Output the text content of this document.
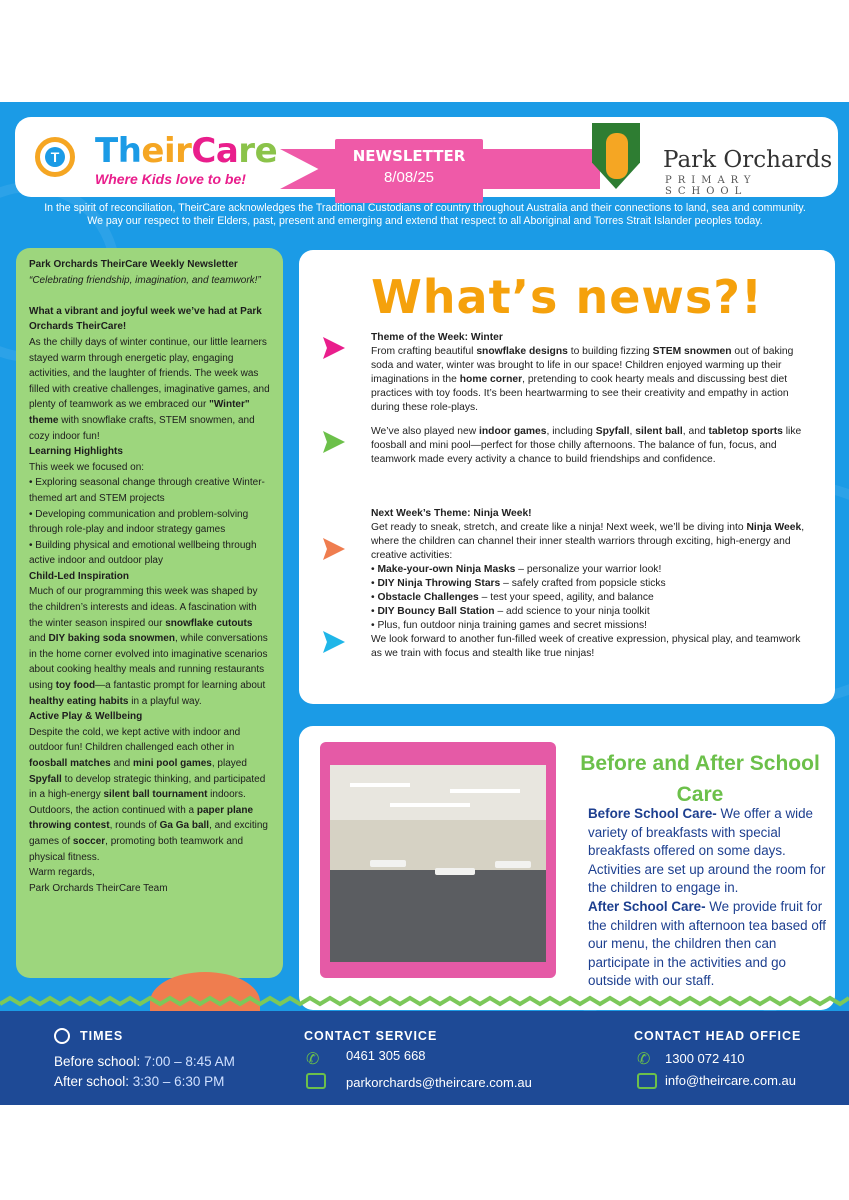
T TheirCare
Where Kids love to be!
NEWSLETTER
8/08/25
Park Orchards
PRIMARY SCHOOL
In the spirit of reconciliation, TheirCare acknowledges the Traditional Custodians of country throughout Australia and their connections to land, sea and community. We pay our respect to their Elders, past, present and emerging and extend that respect to all Aboriginal and Torres Strait Islander peoples today.

Park Orchards TheirCare Weekly Newsletter

“Celebrating friendship, imagination, and teamwork!”

What a vibrant and joyful week we’ve had at Park Orchards TheirCare!

As the chilly days of winter continue, our little learners stayed warm through energetic play, engaging activities, and the laughter of friends. The week was filled with creative challenges, imaginative games, and plenty of teamwork as we embraced our "Winter" theme with snowflake crafts, STEM snowmen, and cozy indoor fun!

Learning Highlights

This week we focused on:

• Exploring seasonal change through creative Winter-themed art and STEM projects

• Developing communication and problem-solving through role-play and indoor strategy games

• Building physical and emotional wellbeing through active indoor and outdoor play

Child-Led Inspiration

Much of our programming this week was shaped by the children’s interests and ideas. A fascination with the winter season inspired our snowflake cutouts and DIY baking soda snowmen, while conversations in the home corner evolved into imaginative scenarios about cooking healthy meals and running restaurants using toy food—a fantastic prompt for learning about healthy eating habits in a playful way.

Active Play & Wellbeing

Despite the cold, we kept active with indoor and outdoor fun! Children challenged each other in foosball matches and mini pool games, played Spyfall to develop strategic thinking, and participated in a high-energy silent ball tournament indoors. Outdoors, the action continued with a paper plane throwing contest, rounds of Ga Ga ball, and exciting games of soccer, promoting both teamwork and physical fitness.

Warm regards,

Park Orchards TheirCare Team

What’s news?!
Theme of the Week: Winter
From crafting beautiful snowflake designs to building fizzing STEM snowmen out of baking soda and water, winter was brought to life in our space! Children enjoyed warming up their imaginations in the home corner, pretending to cook hearty meals and discussing best diet practices with toy foods. It’s been heartwarming to see their creativity and empathy in action during these role-plays.
We’ve also played new indoor games, including Spyfall, silent ball, and tabletop sports like foosball and mini pool—perfect for those chilly afternoons. The balance of fun, focus, and teamwork made every activity a chance to build friendships and confidence.
Next Week’s Theme: Ninja Week!
Get ready to sneak, stretch, and create like a ninja! Next week, we’ll be diving into Ninja Week, where the children can channel their inner stealth warriors through exciting, high-energy and creative activities:
• Make-your-own Ninja Masks – personalize your warrior look!
• DIY Ninja Throwing Stars – safely crafted from popsicle sticks
• Obstacle Challenges – test your speed, agility, and balance
• DIY Bouncy Ball Station – add science to your ninja toolkit
• Plus, fun outdoor ninja training games and secret missions!
We look forward to another fun-filled week of creative expression, physical play, and teamwork as we train with focus and stealth like true ninjas!
Before and After School Care
Before School Care- We offer a wide variety of breakfasts with special breakfasts offered on some days. Activities are set up around the room for the children to engage in.
After School Care- We provide fruit for the children with afternoon tea based off our menu, the children then can participate in the activities and go outside with our staff.
TIMES
Before school: 7:00 – 8:45 AM
After school: 3:30 – 6:30 PM
CONTACT SERVICE
✆ 0461 305 668
parkorchards@theircare.com.au
CONTACT HEAD OFFICE
✆ 1300 072 410
info@theircare.com.au
